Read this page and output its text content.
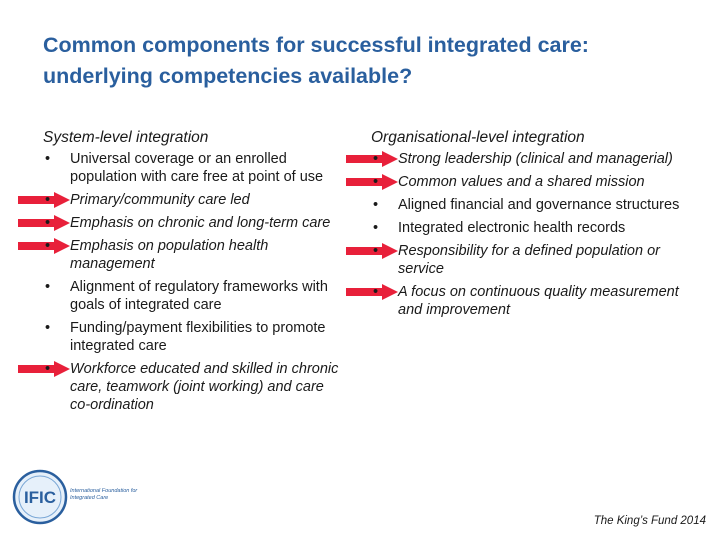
Common components for successful integrated care: underlying competencies available?
System-level integration
• Universal coverage or an enrolled population with care free at point of use
• Primary/community care led
• Emphasis on chronic and long-term care
• Emphasis on population health management
• Alignment of regulatory frameworks with goals of integrated care
• Funding/payment flexibilities to promote integrated care
• Workforce educated and skilled in chronic care, teamwork (joint working) and care co-ordination
Organisational-level integration
• Strong leadership (clinical and managerial)
• Common values and a shared mission
• Aligned financial and governance structures
• Integrated electronic health records
• Responsibility for a defined population or service
• A focus on continuous quality measurement and improvement
IFIC	International Foundation for Integrated Care
The King’s Fund 2014
